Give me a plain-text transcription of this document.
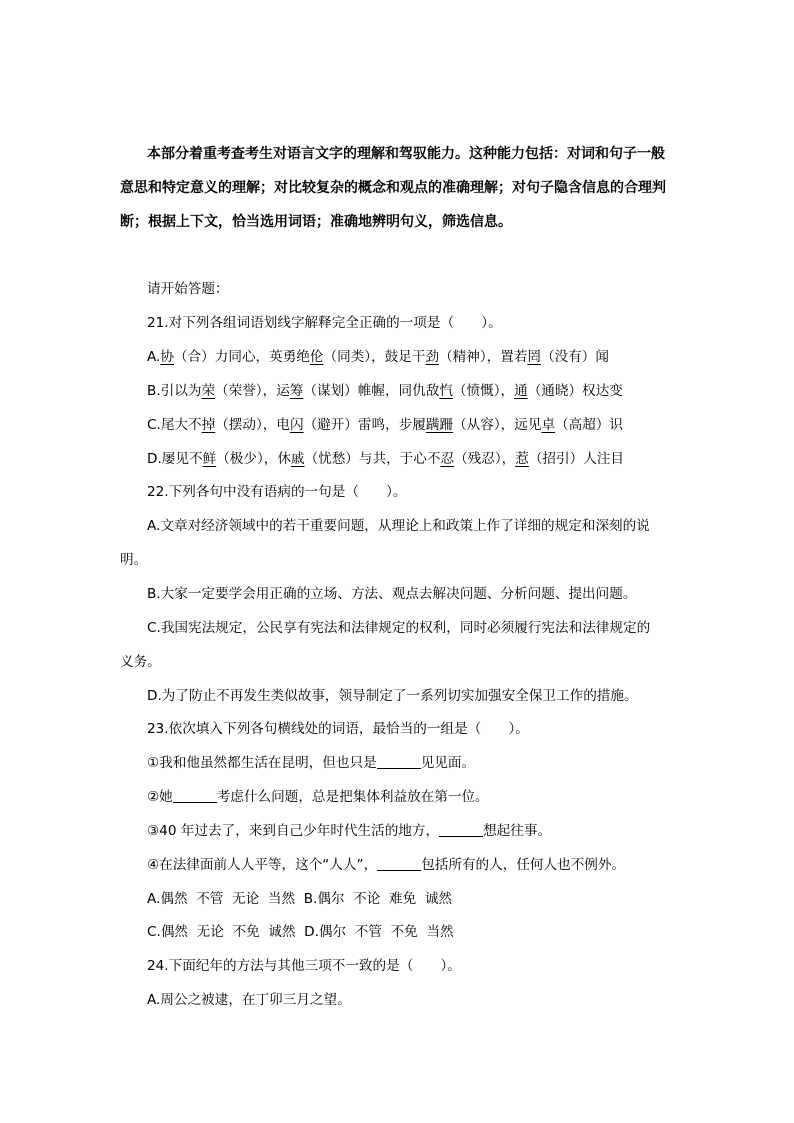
本部分着重考查考生对语言文字的理解和驾驭能力。这种能力包括：对词和句子一般
意思和特定意义的理解；对比较复杂的概念和观点的准确理解；对句子隐含信息的合理判
断；根据上下文，恰当选用词语；准确地辨明句义，筛选信息。
请开始答题：
21.对下列各组词语划线字解释完全正确的一项是（　　）。
A.协（合）力同心，英勇绝伦（同类），鼓足干劲（精神），置若罔（没有）闻
B.引以为荣（荣誉），运筹（谋划）帷幄，同仇敌忾（愤慨），通（通晓）权达变
C.尾大不掉（摆动），电闪（避开）雷鸣，步履蹒跚（从容），远见卓（高超）识
D.屡见不鲜（极少），休戚（忧愁）与共，于心不忍（残忍），惹（招引）人注目
22.下列各句中没有语病的一句是（　　）。
A.文章对经济领域中的若干重要问题，从理论上和政策上作了详细的规定和深刻的说
明。
B.大家一定要学会用正确的立场、方法、观点去解决问题、分析问题、提出问题。
C.我国宪法规定，公民享有宪法和法律规定的权利，同时必须履行宪法和法律规定的
义务。
D.为了防止不再发生类似故事，领导制定了一系列切实加强安全保卫工作的措施。
23.依次填入下列各句横线处的词语，最恰当的一组是（　　）。
①我和他虽然都生活在昆明，但也只是	见见面。
②她	考虑什么问题，总是把集体利益放在第一位。
③40 年过去了，来到自己少年时代生活的地方，	想起往事。
④在法律面前人人平等，这个“人人”，	包括所有的人，任何人也不例外。
A.偶然  不管  无论  当然  B.偶尔  不论  难免  诚然
C.偶然  无论  不免  诚然  D.偶尔  不管  不免  当然
24.下面纪年的方法与其他三项不一致的是（　　）。
A.周公之被逮，在丁卯三月之望。
